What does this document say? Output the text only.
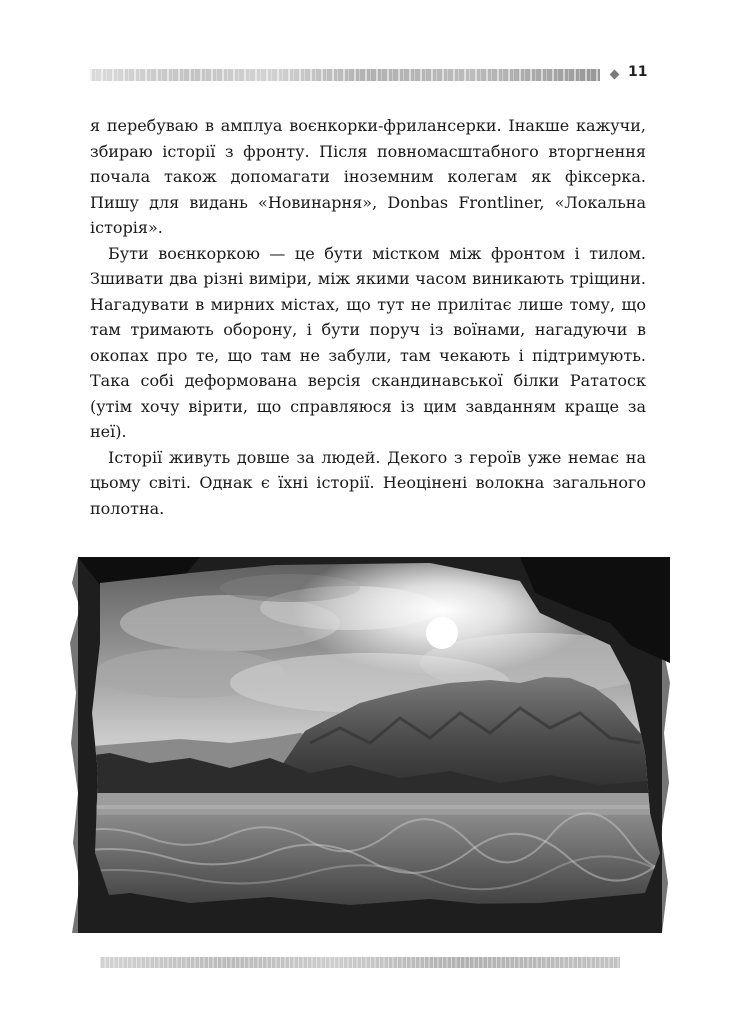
11

я перебуваю в амплуа воєнкорки-фрилансерки. Інакше кажучи, збираю історії з фронту. Після повномасштабного вторгнення почала також допомагати іноземним колегам як фіксерка. Пишу для видань «Новинарня», Donbas Frontliner, «Локальна історія».

Бути воєнкоркою — це бути містком між фронтом і тилом. Зшивати два різні виміри, між якими часом виникають тріщини. Нагадувати в мирних містах, що тут не прилітає лише тому, що там тримають оборону, і бути поруч із воїнами, нагадуючи в окопах про те, що там не забули, там чекають і підтримують. Така собі деформована версія скандинавської білки Рататоск (утім хочу вірити, що справляюся із цим завданням краще за неї).

Історії живуть довше за людей. Декого з героїв уже немає на цьому світі. Однак є їхні історії. Неоцінені волокна загального полотна.
